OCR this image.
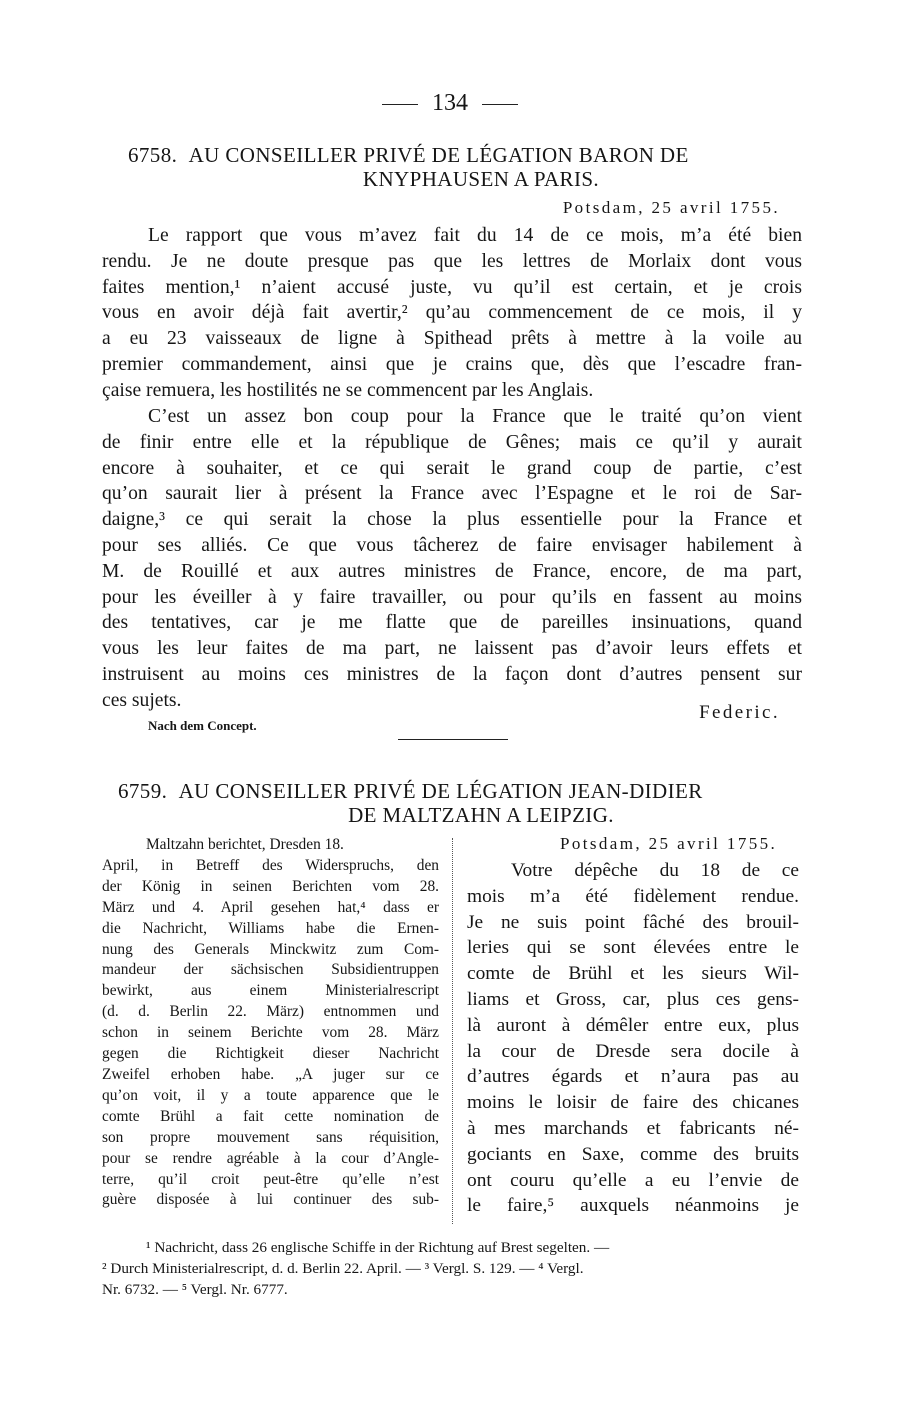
134
6758. AU CONSEILLER PRIVÉ DE LÉGATION BARON DE
KNYPHAUSEN A PARIS.
Potsdam, 25 avril 1755.
Le rapport que vous m’avez fait du 14 de ce mois, m’a été bien
rendu. Je ne doute presque pas que les lettres de Morlaix dont vous
faites mention,¹ n’aient accusé juste, vu qu’il est certain, et je crois
vous en avoir déjà fait avertir,² qu’au commencement de ce mois, il y
a eu 23 vaisseaux de ligne à Spithead prêts à mettre à la voile au
premier commandement, ainsi que je crains que, dès que l’escadre fran-
çaise remuera, les hostilités ne se commencent par les Anglais.
C’est un assez bon coup pour la France que le traité qu’on vient
de finir entre elle et la république de Gênes; mais ce qu’il y aurait
encore à souhaiter, et ce qui serait le grand coup de partie, c’est
qu’on saurait lier à présent la France avec l’Espagne et le roi de Sar-
daigne,³ ce qui serait la chose la plus essentielle pour la France et
pour ses alliés. Ce que vous tâcherez de faire envisager habilement à
M. de Rouillé et aux autres ministres de France, encore, de ma part,
pour les éveiller à y faire travailler, ou pour qu’ils en fassent au moins
des tentatives, car je me flatte que de pareilles insinuations, quand
vous les leur faites de ma part, ne laissent pas d’avoir leurs effets et
instruisent au moins ces ministres de la façon dont d’autres pensent sur
ces sujets.
Federic.
Nach dem Concept.
6759. AU CONSEILLER PRIVÉ DE LÉGATION JEAN-DIDIER
DE MALTZAHN A LEIPZIG.
Maltzahn berichtet, Dresden 18.
April, in Betreff des Widerspruchs, den
der König in seinen Berichten vom 28.
März und 4. April gesehen hat,⁴ dass er
die Nachricht, Williams habe die Ernen-
nung des Generals Minckwitz zum Com-
mandeur der sächsischen Subsidientruppen
bewirkt, aus einem Ministerialrescript
(d. d. Berlin 22. März) entnommen und
schon in seinem Berichte vom 28. März
gegen die Richtigkeit dieser Nachricht
Zweifel erhoben habe. „A juger sur ce
qu’on voit, il y a toute apparence que le
comte Brühl a fait cette nomination de
son propre mouvement sans réquisition,
pour se rendre agréable à la cour d’Angle-
terre, qu’il croit peut-être qu’elle n’est
guère disposée à lui continuer des sub-
Potsdam, 25 avril 1755.
Votre dépêche du 18 de ce
mois m’a été fidèlement rendue.
Je ne suis point fâché des brouil-
leries qui se sont élevées entre le
comte de Brühl et les sieurs Wil-
liams et Gross, car, plus ces gens-
là auront à démêler entre eux, plus
la cour de Dresde sera docile à
d’autres égards et n’aura pas au
moins le loisir de faire des chicanes
à mes marchands et fabricants né-
gociants en Saxe, comme des bruits
ont couru qu’elle a eu l’envie de
le faire,⁵ auxquels néanmoins je
¹ Nachricht, dass 26 englische Schiffe in der Richtung auf Brest segelten. —
² Durch Ministerialrescript, d. d. Berlin 22. April. — ³ Vergl. S. 129. — ⁴ Vergl.
Nr. 6732. — ⁵ Vergl. Nr. 6777.
